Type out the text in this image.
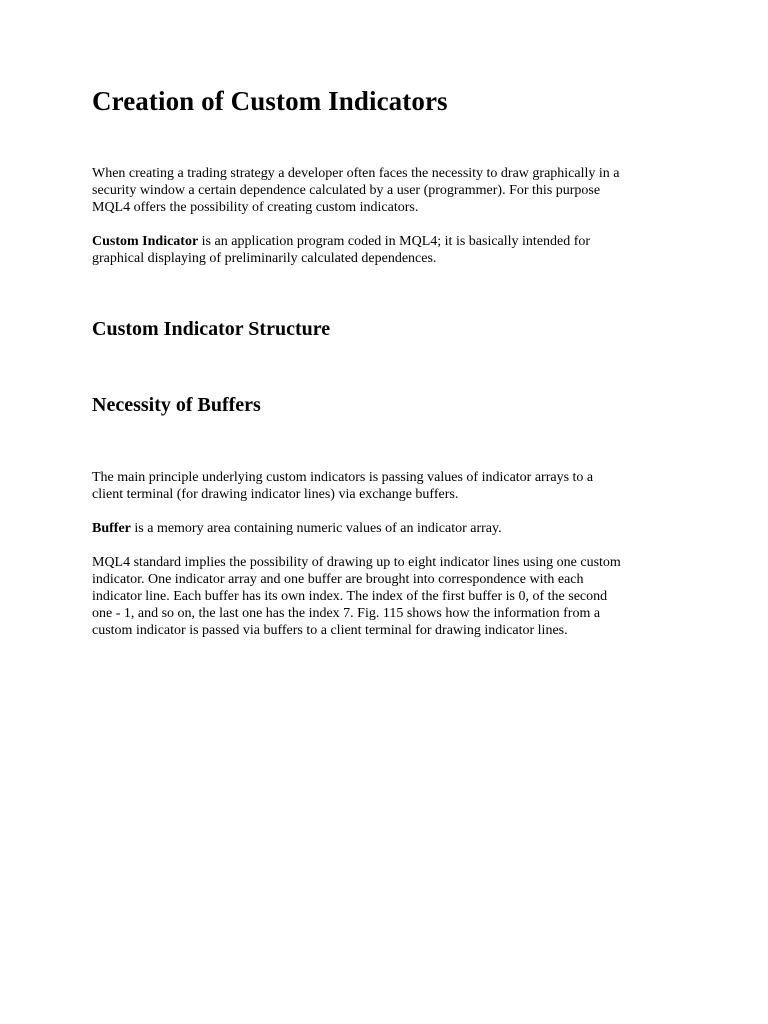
Creation of Custom Indicators

When creating a trading strategy a developer often faces the necessity to draw graphically in a
security window a certain dependence calculated by a user (programmer). For this purpose
MQL4 offers the possibility of creating custom indicators.

Custom Indicator is an application program coded in MQL4; it is basically intended for
graphical displaying of preliminarily calculated dependences.

Custom Indicator Structure
Necessity of Buffers

The main principle underlying custom indicators is passing values of indicator arrays to a
client terminal (for drawing indicator lines) via exchange buffers.

Buffer is a memory area containing numeric values of an indicator array.

MQL4 standard implies the possibility of drawing up to eight indicator lines using one custom
indicator. One indicator array and one buffer are brought into correspondence with each
indicator line. Each buffer has its own index. The index of the first buffer is 0, of the second
one - 1, and so on, the last one has the index 7. Fig. 115 shows how the information from a
custom indicator is passed via buffers to a client terminal for drawing indicator lines.
